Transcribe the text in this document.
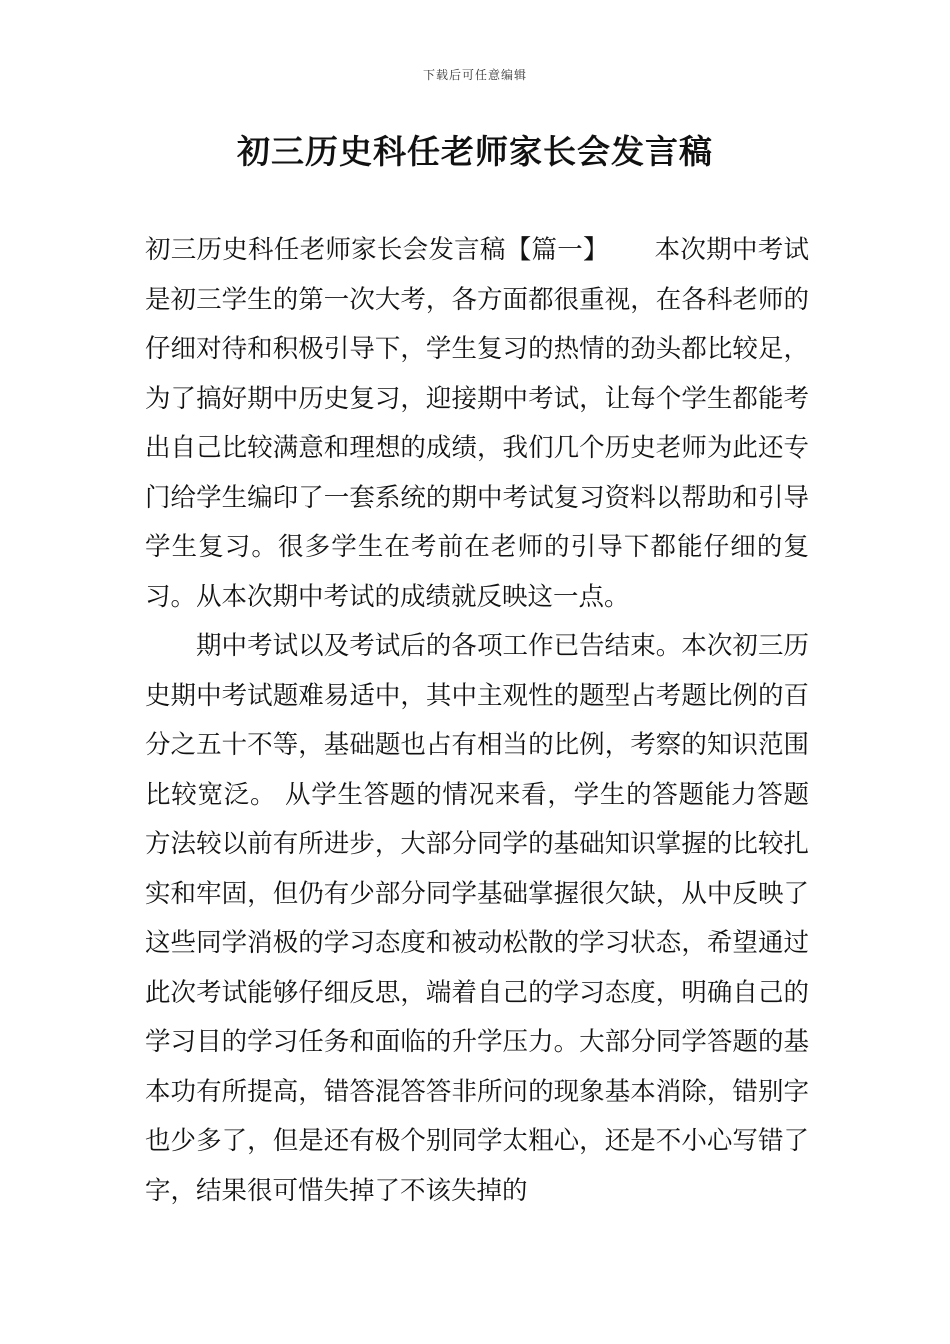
下载后可任意编辑
初三历史科任老师家长会发言稿

初三历史科任老师家长会发言稿【篇一】 本次期中考试是初三学生的第一次大考，各方面都很重视，在各科老师的仔细对待和积极引导下，学生复习的热情的劲头都比较足，为了搞好期中历史复习，迎接期中考试，让每个学生都能考出自己比较满意和理想的成绩，我们几个历史老师为此还专门给学生编印了一套系统的期中考试复习资料以帮助和引导学生复习。很多学生在考前在老师的引导下都能仔细的复习。从本次期中考试的成绩就反映这一点。

期中考试以及考试后的各项工作已告结束。本次初三历史期中考试题难易适中，其中主观性的题型占考题比例的百分之五十不等，基础题也占有相当的比例，考察的知识范围比较宽泛。 从学生答题的情况来看，学生的答题能力答题方法较以前有所进步，大部分同学的基础知识掌握的比较扎实和牢固，但仍有少部分同学基础掌握很欠缺，从中反映了这些同学消极的学习态度和被动松散的学习状态，希望通过此次考试能够仔细反思，端着自己的学习态度，明确自己的学习目的学习任务和面临的升学压力。大部分同学答题的基本功有所提高，错答混答答非所问的现象基本消除，错别字也少多了，但是还有极个别同学太粗心，还是不小心写错了字，结果很可惜失掉了不该失掉的
